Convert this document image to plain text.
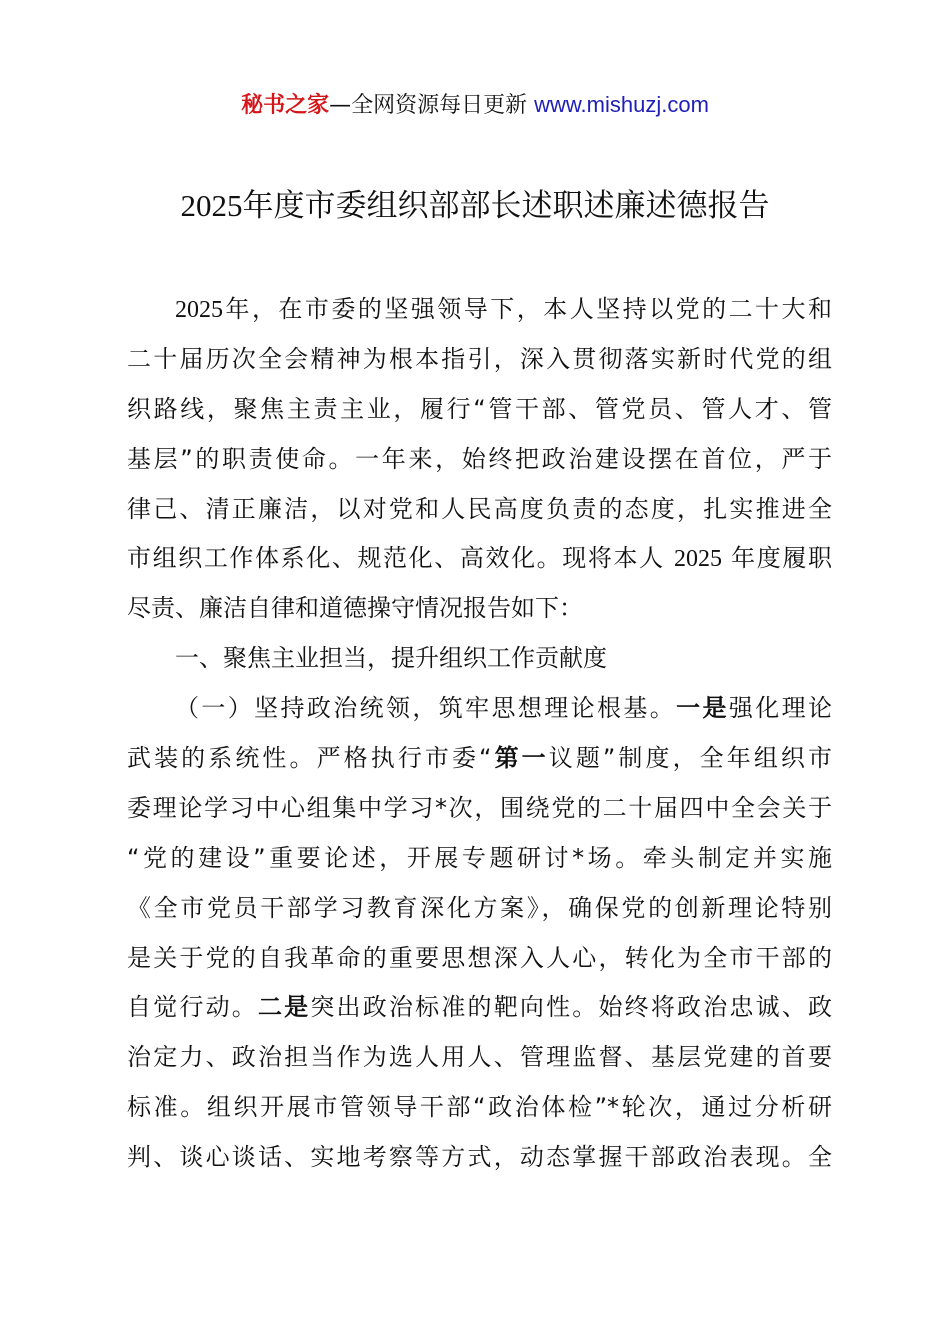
秘书之家—全网资源每日更新 www.mishuzj.com
2025年度市委组织部部长述职述廉述德报告
2025年，在市委的坚强领导下，本人坚持以党的二十大和
二十届历次全会精神为根本指引，深入贯彻落实新时代党的组
织路线，聚焦主责主业，履行“管干部、管党员、管人才、管
基层”的职责使命。一年来，始终把政治建设摆在首位，严于
律己、清正廉洁，以对党和人民高度负责的态度，扎实推进全
市组织工作体系化、规范化、高效化。现将本人 2025 年度履职
尽责、廉洁自律和道德操守情况报告如下：
一、聚焦主业担当，提升组织工作贡献度
（一）坚持政治统领，筑牢思想理论根基。一是强化理论
武装的系统性。严格执行市委“第一议题”制度，全年组织市
委理论学习中心组集中学习*次，围绕党的二十届四中全会关于
“党的建设”重要论述，开展专题研讨*场。牵头制定并实施
《全市党员干部学习教育深化方案》，确保党的创新理论特别
是关于党的自我革命的重要思想深入人心，转化为全市干部的
自觉行动。二是突出政治标准的靶向性。始终将政治忠诚、政
治定力、政治担当作为选人用人、管理监督、基层党建的首要
标准。组织开展市管领导干部“政治体检”*轮次，通过分析研
判、谈心谈话、实地考察等方式，动态掌握干部政治表现。全
